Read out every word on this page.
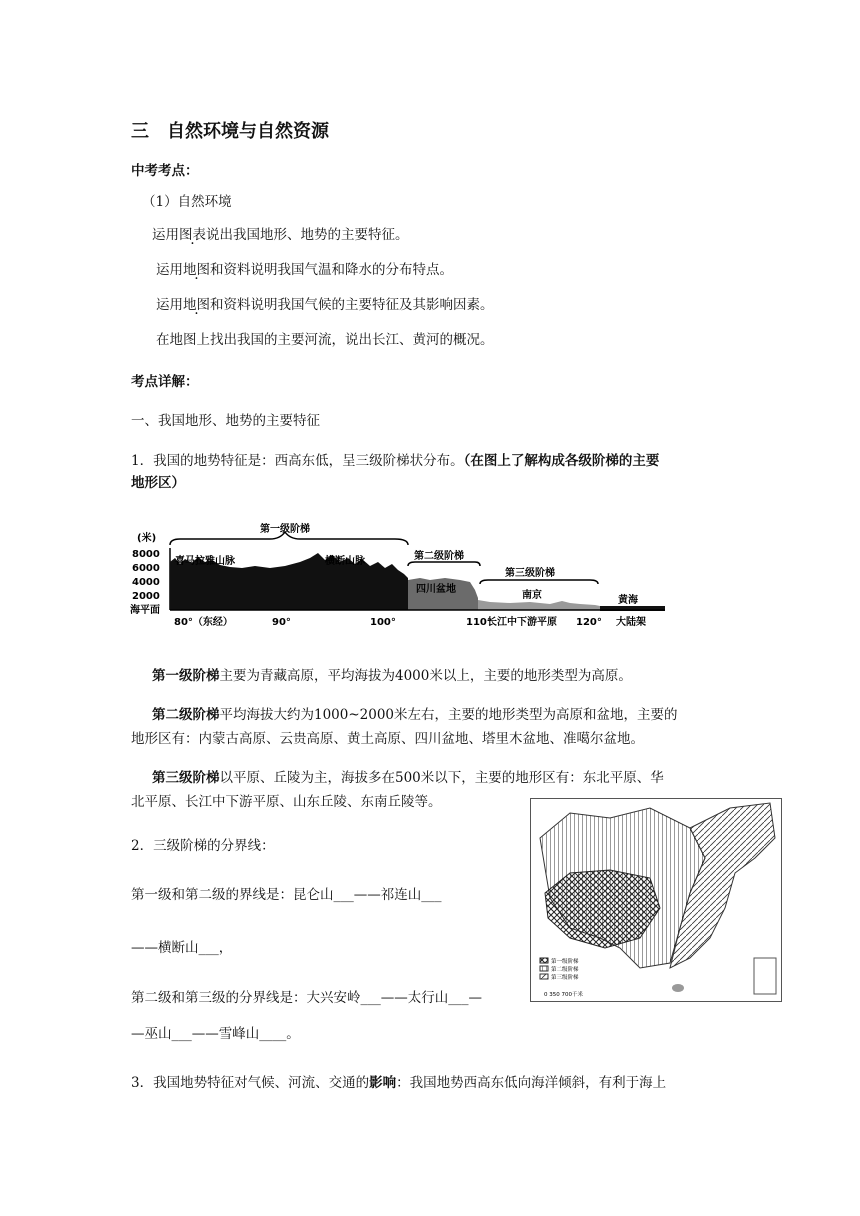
三　自然环境与自然资源
中考考点：
（1）自然环境
运用图表说出我国地形、地势的主要特征。
运用地图和资料说明我国气温和降水的分布特点。
运用地图和资料说明我国气候的主要特征及其影响因素。
在地图上找出我国的主要河流，说出长江、黄河的概况。
考点详解：
一、我国地形、地势的主要特征
1．我国的地势特征是：西高东低，呈三级阶梯状分布。（在图上了解构成各级阶梯的主要
地形区）
(米)
8000
6000
4000
2000
海平面
第一级阶梯
第二级阶梯
第三级阶梯
喜马拉雅山脉	横断山脉
四川盆地
南京	黄海
80°（东经）	90°	100°	110°
长江中下游平原 120° 大陆架
第一级阶梯主要为青藏高原，平均海拔为4000米以上，主要的地形类型为高原。
第二级阶梯平均海拔大约为1000~2000米左右，主要的地形类型为高原和盆地，主要的
地形区有：内蒙古高原、云贵高原、黄土高原、四川盆地、塔里木盆地、准噶尔盆地。
第三级阶梯以平原、丘陵为主，海拔多在500米以下，主要的地形区有：东北平原、华
北平原、长江中下游平原、山东丘陵、东南丘陵等。
2．三级阶梯的分界线：
第一级和第二级的界线是：昆仑山___——祁连山___
——横断山___，
第二级和第三级的分界线是：大兴安岭___——太行山___—
—巫山___——雪峰山____。
第一级阶梯
第二级阶梯
第三级阶梯
0 350 700千米
3．我国地势特征对气候、河流、交通的影响：我国地势西高东低向海洋倾斜，有利于海上
